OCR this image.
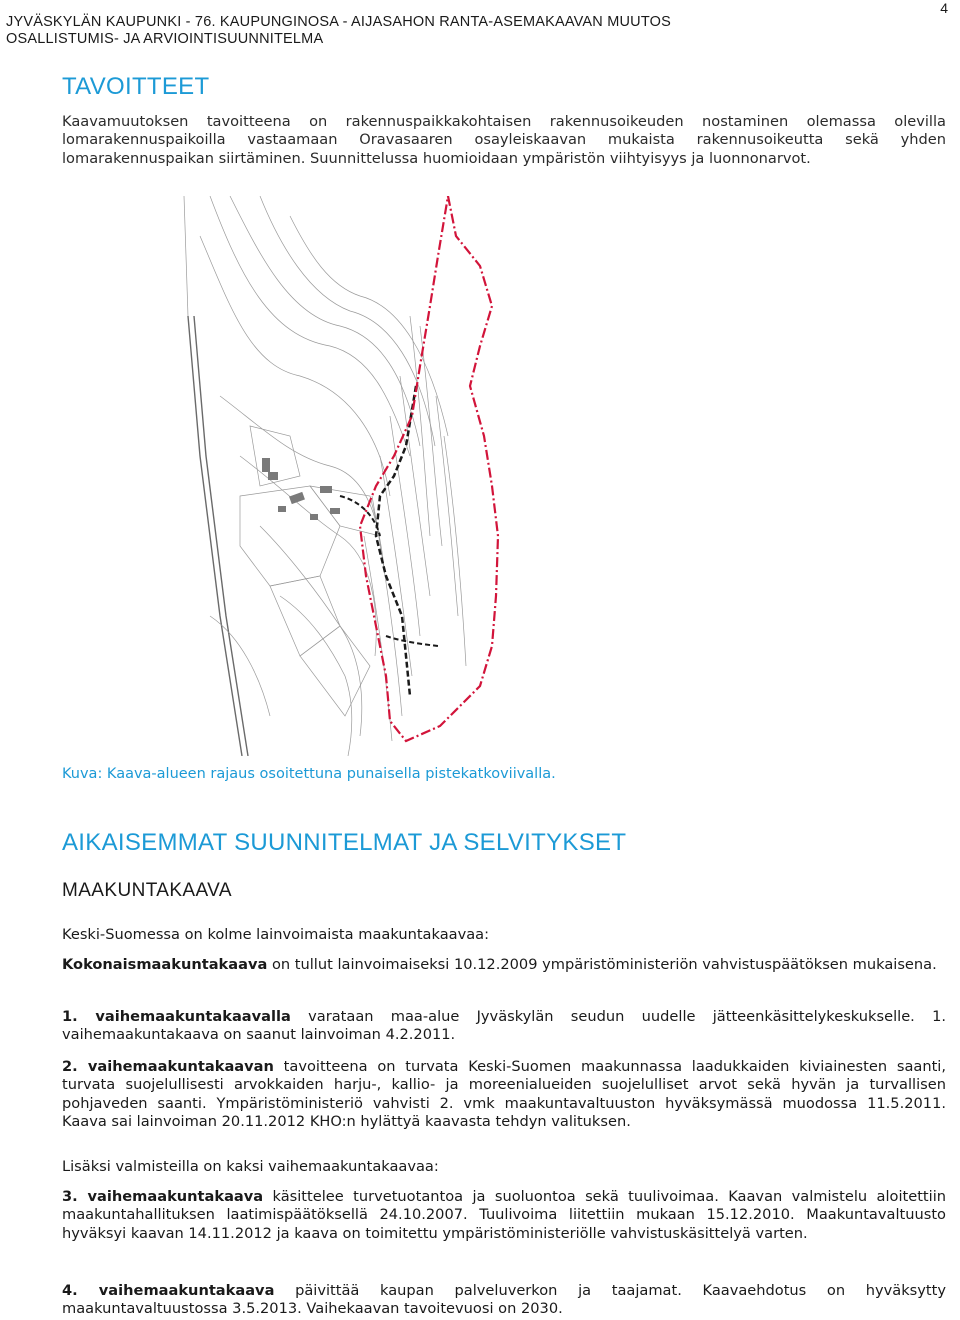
JYVÄSKYLÄN KAUPUNKI - 76. KAUPUNGINOSA - AIJASAHON RANTA-ASEMAKAAVAN MUUTOS
OSALLISTUMIS- JA ARVIOINTISUUNNITELMA
4
TAVOITTEET
Kaavamuutoksen tavoitteena on rakennuspaikkakohtaisen rakennusoikeuden nostaminen olemassa olevilla lomarakennuspaikoilla vastaamaan Oravasaaren osayleiskaavan mukaista rakennusoikeutta sekä yhden lomarakennuspaikan siirtäminen. Suunnittelussa huomioidaan ympäristön viihtyisyys ja luonnonarvot.
Kuva: Kaava-alueen rajaus osoitettuna punaisella pistekatkoviivalla.
AIKAISEMMAT SUUNNITELMAT JA SELVITYKSET
MAAKUNTAKAAVA
Keski-Suomessa on kolme lainvoimaista maakuntakaavaa:
Kokonaismaakuntakaava on tullut lainvoimaiseksi 10.12.2009 ympäristöministeriön vahvistuspäätöksen mukaisena.
1. vaihemaakuntakaavalla varataan maa-alue Jyväskylän seudun uudelle jätteenkäsittelykeskukselle. 1. vaihemaakuntakaava on saanut lainvoiman 4.2.2011.
2. vaihemaakuntakaavan tavoitteena on turvata Keski-Suomen maakunnassa laadukkaiden kiviainesten saanti, turvata suojelullisesti arvokkaiden harju-, kallio- ja moreenialueiden suojelulliset arvot sekä hyvän ja turvallisen pohjaveden saanti. Ympäristöministeriö vahvisti 2. vmk maakuntavaltuuston hyväksymässä muodossa 11.5.2011. Kaava sai lainvoiman 20.11.2012 KHO:n hylättyä kaavasta tehdyn valituksen.
Lisäksi valmisteilla on kaksi vaihemaakuntakaavaa:
3. vaihemaakuntakaava käsittelee turvetuotantoa ja suoluontoa sekä tuulivoimaa. Kaavan valmistelu aloitettiin maakuntahallituksen laatimispäätöksellä 24.10.2007. Tuulivoima liitettiin mukaan 15.12.2010. Maakuntavaltuusto hyväksyi kaavan 14.11.2012 ja kaava on toimitettu ympäristöministeriölle vahvistuskäsittelyä varten.
4. vaihemaakuntakaava päivittää kaupan palveluverkon ja taajamat. Kaavaehdotus on hyväksytty maakuntavaltuustossa 3.5.2013. Vaihekaavan tavoitevuosi on 2030.
